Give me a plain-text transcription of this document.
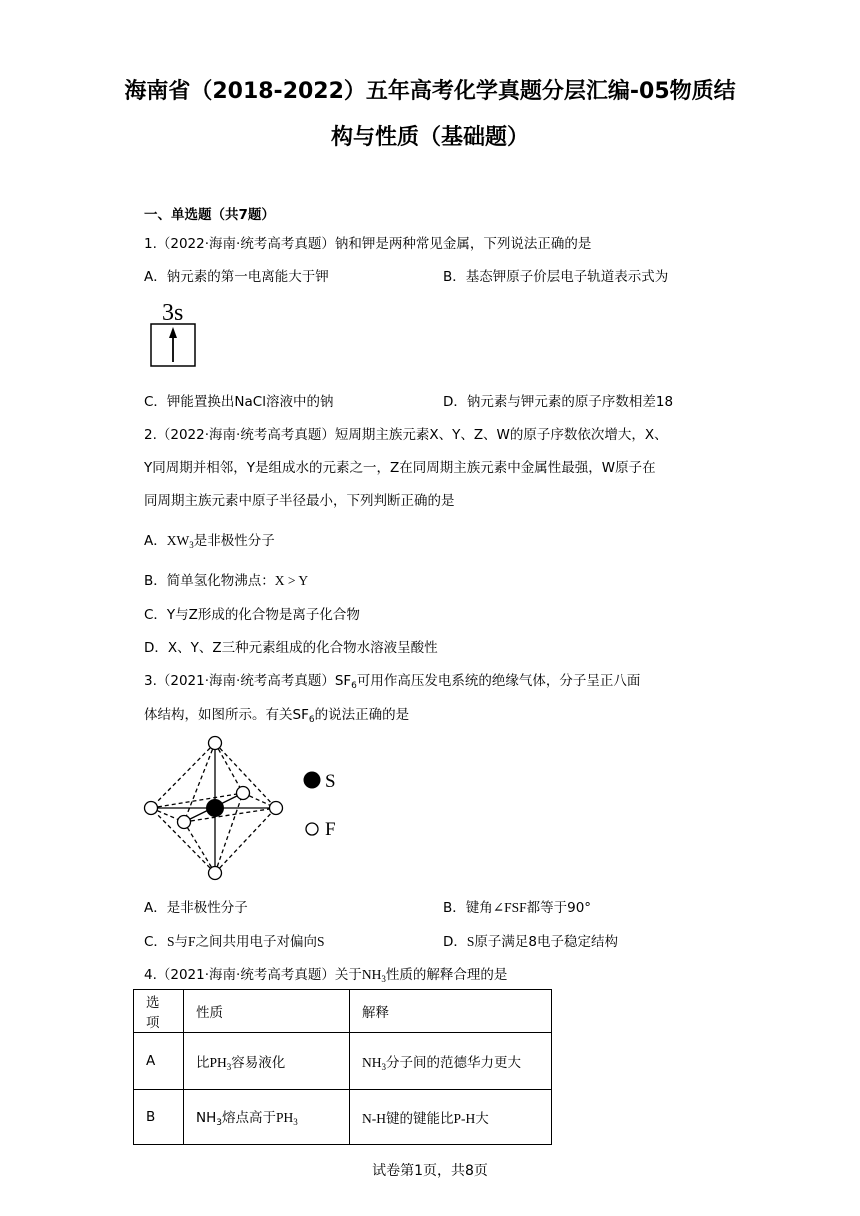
海南省（2018-2022）五年高考化学真题分层汇编-05物质结
构与性质（基础题）
一、单选题（共7题）
1.（2022·海南·统考高考真题）钠和钾是两种常见金属，下列说法正确的是
A．钠元素的第一电离能大于钾	B．基态钾原子价层电子轨道表示式为
3s
C．钾能置换出NaCl溶液中的钠	D．钠元素与钾元素的原子序数相差18
2.（2022·海南·统考高考真题）短周期主族元素X、Y、Z、W的原子序数依次增大，X、
Y同周期并相邻，Y是组成水的元素之一，Z在同周期主族元素中金属性最强，W原子在
同周期主族元素中原子半径最小，下列判断正确的是
A．$XW_3$是非极性分子
B．简单氢化物沸点：X > Y
C．Y与Z形成的化合物是离子化合物
D．X、Y、Z三种元素组成的化合物水溶液呈酸性
3.（2021·海南·统考高考真题）$SF_6$可用作高压发电系统的绝缘气体，分子呈正八面
体结构，如图所示。有关$SF_6$的说法正确的是
S
F
A．是非极性分子	B．键角∠FSF都等于90°
C．S与F之间共用电子对偏向S	D．S原子满足8电子稳定结构
4.（2021·海南·统考高考真题）关于$NH_3$性质的解释合理的是
选项	性质	解释
A	比$PH_3$容易液化	$NH_3$分子间的范德华力更大
B	$NH_3$熔点高于$PH_3$	N-H键的键能比P-H大
试卷第1页，共8页
